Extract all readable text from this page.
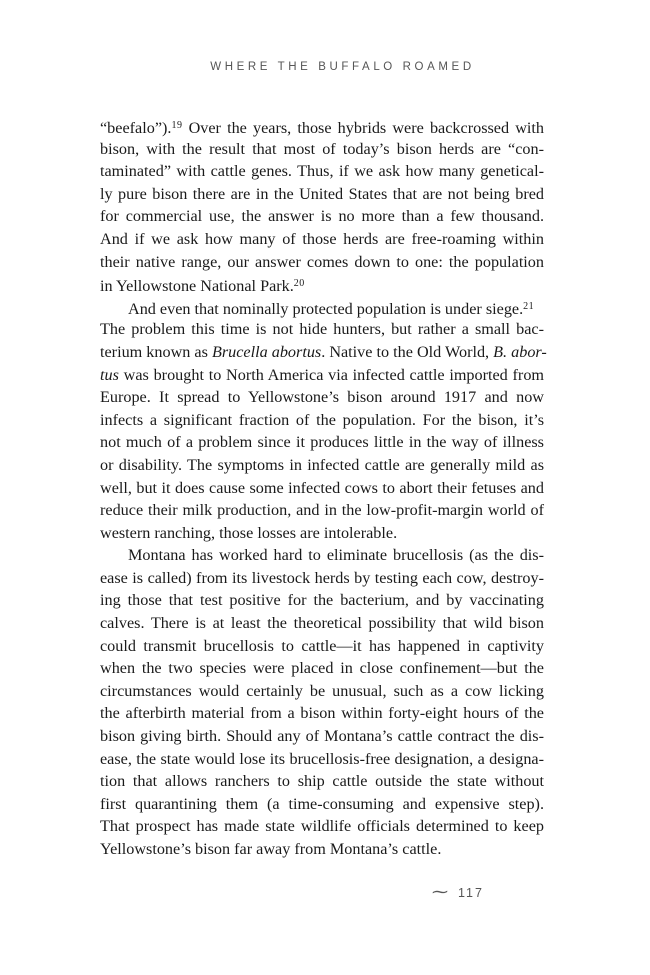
WHERE THE BUFFALO ROAMED
“beefalo”).$^{19}$ Over the years, those hybrids were backcrossed with
bison, with the result that most of today’s bison herds are “con-
taminated” with cattle genes. Thus, if we ask how many genetical-
ly pure bison there are in the United States that are not being bred
for commercial use, the answer is no more than a few thousand.
And if we ask how many of those herds are free-roaming within
their native range, our answer comes down to one: the population
in Yellowstone National Park.$^{20}$
And even that nominally protected population is under siege.$^{21}$
The problem this time is not hide hunters, but rather a small bac-
terium known as Brucella abortus. Native to the Old World, B. abor-
tus was brought to North America via infected cattle imported from
Europe. It spread to Yellowstone’s bison around 1917 and now
infects a significant fraction of the population. For the bison, it’s
not much of a problem since it produces little in the way of illness
or disability. The symptoms in infected cattle are generally mild as
well, but it does cause some infected cows to abort their fetuses and
reduce their milk production, and in the low-profit-margin world of
western ranching, those losses are intolerable.
Montana has worked hard to eliminate brucellosis (as the dis-
ease is called) from its livestock herds by testing each cow, destroy-
ing those that test positive for the bacterium, and by vaccinating
calves. There is at least the theoretical possibility that wild bison
could transmit brucellosis to cattle—it has happened in captivity
when the two species were placed in close confinement—but the
circumstances would certainly be unusual, such as a cow licking
the afterbirth material from a bison within forty-eight hours of the
bison giving birth. Should any of Montana’s cattle contract the dis-
ease, the state would lose its brucellosis-free designation, a designa-
tion that allows ranchers to ship cattle outside the state without
first quarantining them (a time-consuming and expensive step).
That prospect has made state wildlife officials determined to keep
Yellowstone’s bison far away from Montana’s cattle.
⁓ 117
